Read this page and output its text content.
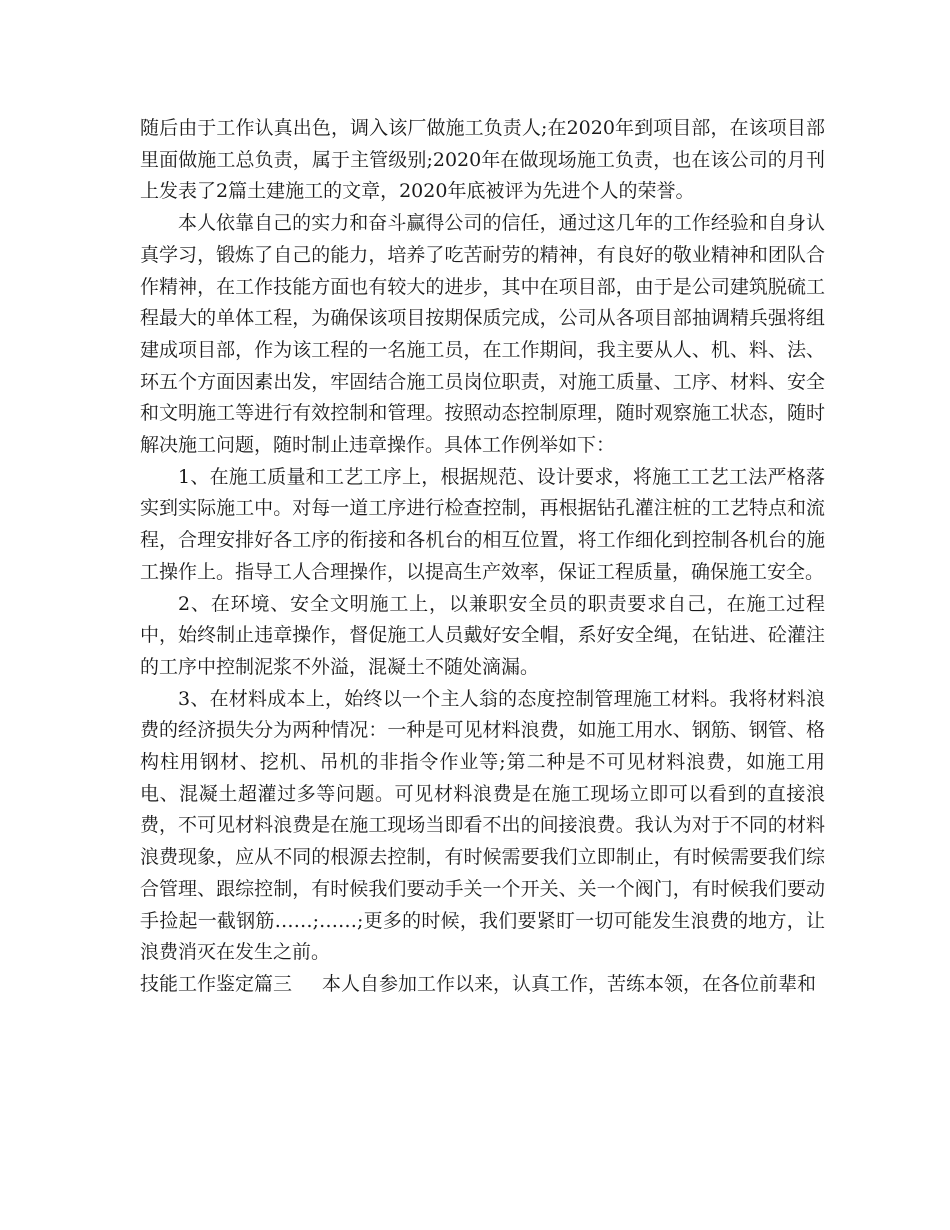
随后由于工作认真出色，调入该厂做施工负责人;在2020年到项目部，在该项目部里面做施工总负责，属于主管级别;2020年在做现场施工负责，也在该公司的月刊上发表了2篇土建施工的文章，2020年底被评为先进个人的荣誉。

本人依靠自己的实力和奋斗赢得公司的信任，通过这几年的工作经验和自身认真学习，锻炼了自己的能力，培养了吃苦耐劳的精神，有良好的敬业精神和团队合作精神，在工作技能方面也有较大的进步，其中在项目部，由于是公司建筑脱硫工程最大的单体工程，为确保该项目按期保质完成，公司从各项目部抽调精兵强将组建成项目部，作为该工程的一名施工员，在工作期间，我主要从人、机、料、法、环五个方面因素出发，牢固结合施工员岗位职责，对施工质量、工序、材料、安全和文明施工等进行有效控制和管理。按照动态控制原理，随时观察施工状态，随时解决施工问题，随时制止违章操作。具体工作例举如下：

1、在施工质量和工艺工序上，根据规范、设计要求，将施工工艺工法严格落实到实际施工中。对每一道工序进行检查控制，再根据钻孔灌注桩的工艺特点和流程，合理安排好各工序的衔接和各机台的相互位置，将工作细化到控制各机台的施工操作上。指导工人合理操作，以提高生产效率，保证工程质量，确保施工安全。

2、在环境、安全文明施工上，以兼职安全员的职责要求自己，在施工过程中，始终制止违章操作，督促施工人员戴好安全帽，系好安全绳，在钻进、砼灌注的工序中控制泥浆不外溢，混凝土不随处滴漏。

3、在材料成本上，始终以一个主人翁的态度控制管理施工材料。我将材料浪费的经济损失分为两种情况：一种是可见材料浪费，如施工用水、钢筋、钢管、格构柱用钢材、挖机、吊机的非指令作业等;第二种是不可见材料浪费，如施工用电、混凝土超灌过多等问题。可见材料浪费是在施工现场立即可以看到的直接浪费，不可见材料浪费是在施工现场当即看不出的间接浪费。我认为对于不同的材料浪费现象，应从不同的根源去控制，有时候需要我们立即制止，有时候需要我们综合管理、跟综控制，有时候我们要动手关一个开关、关一个阀门，有时候我们要动手捡起一截钢筋……;……;更多的时候，我们要紧盯一切可能发生浪费的地方，让浪费消灭在发生之前。

技能工作鉴定篇三	本人自参加工作以来，认真工作，苦练本领，在各位前辈和
